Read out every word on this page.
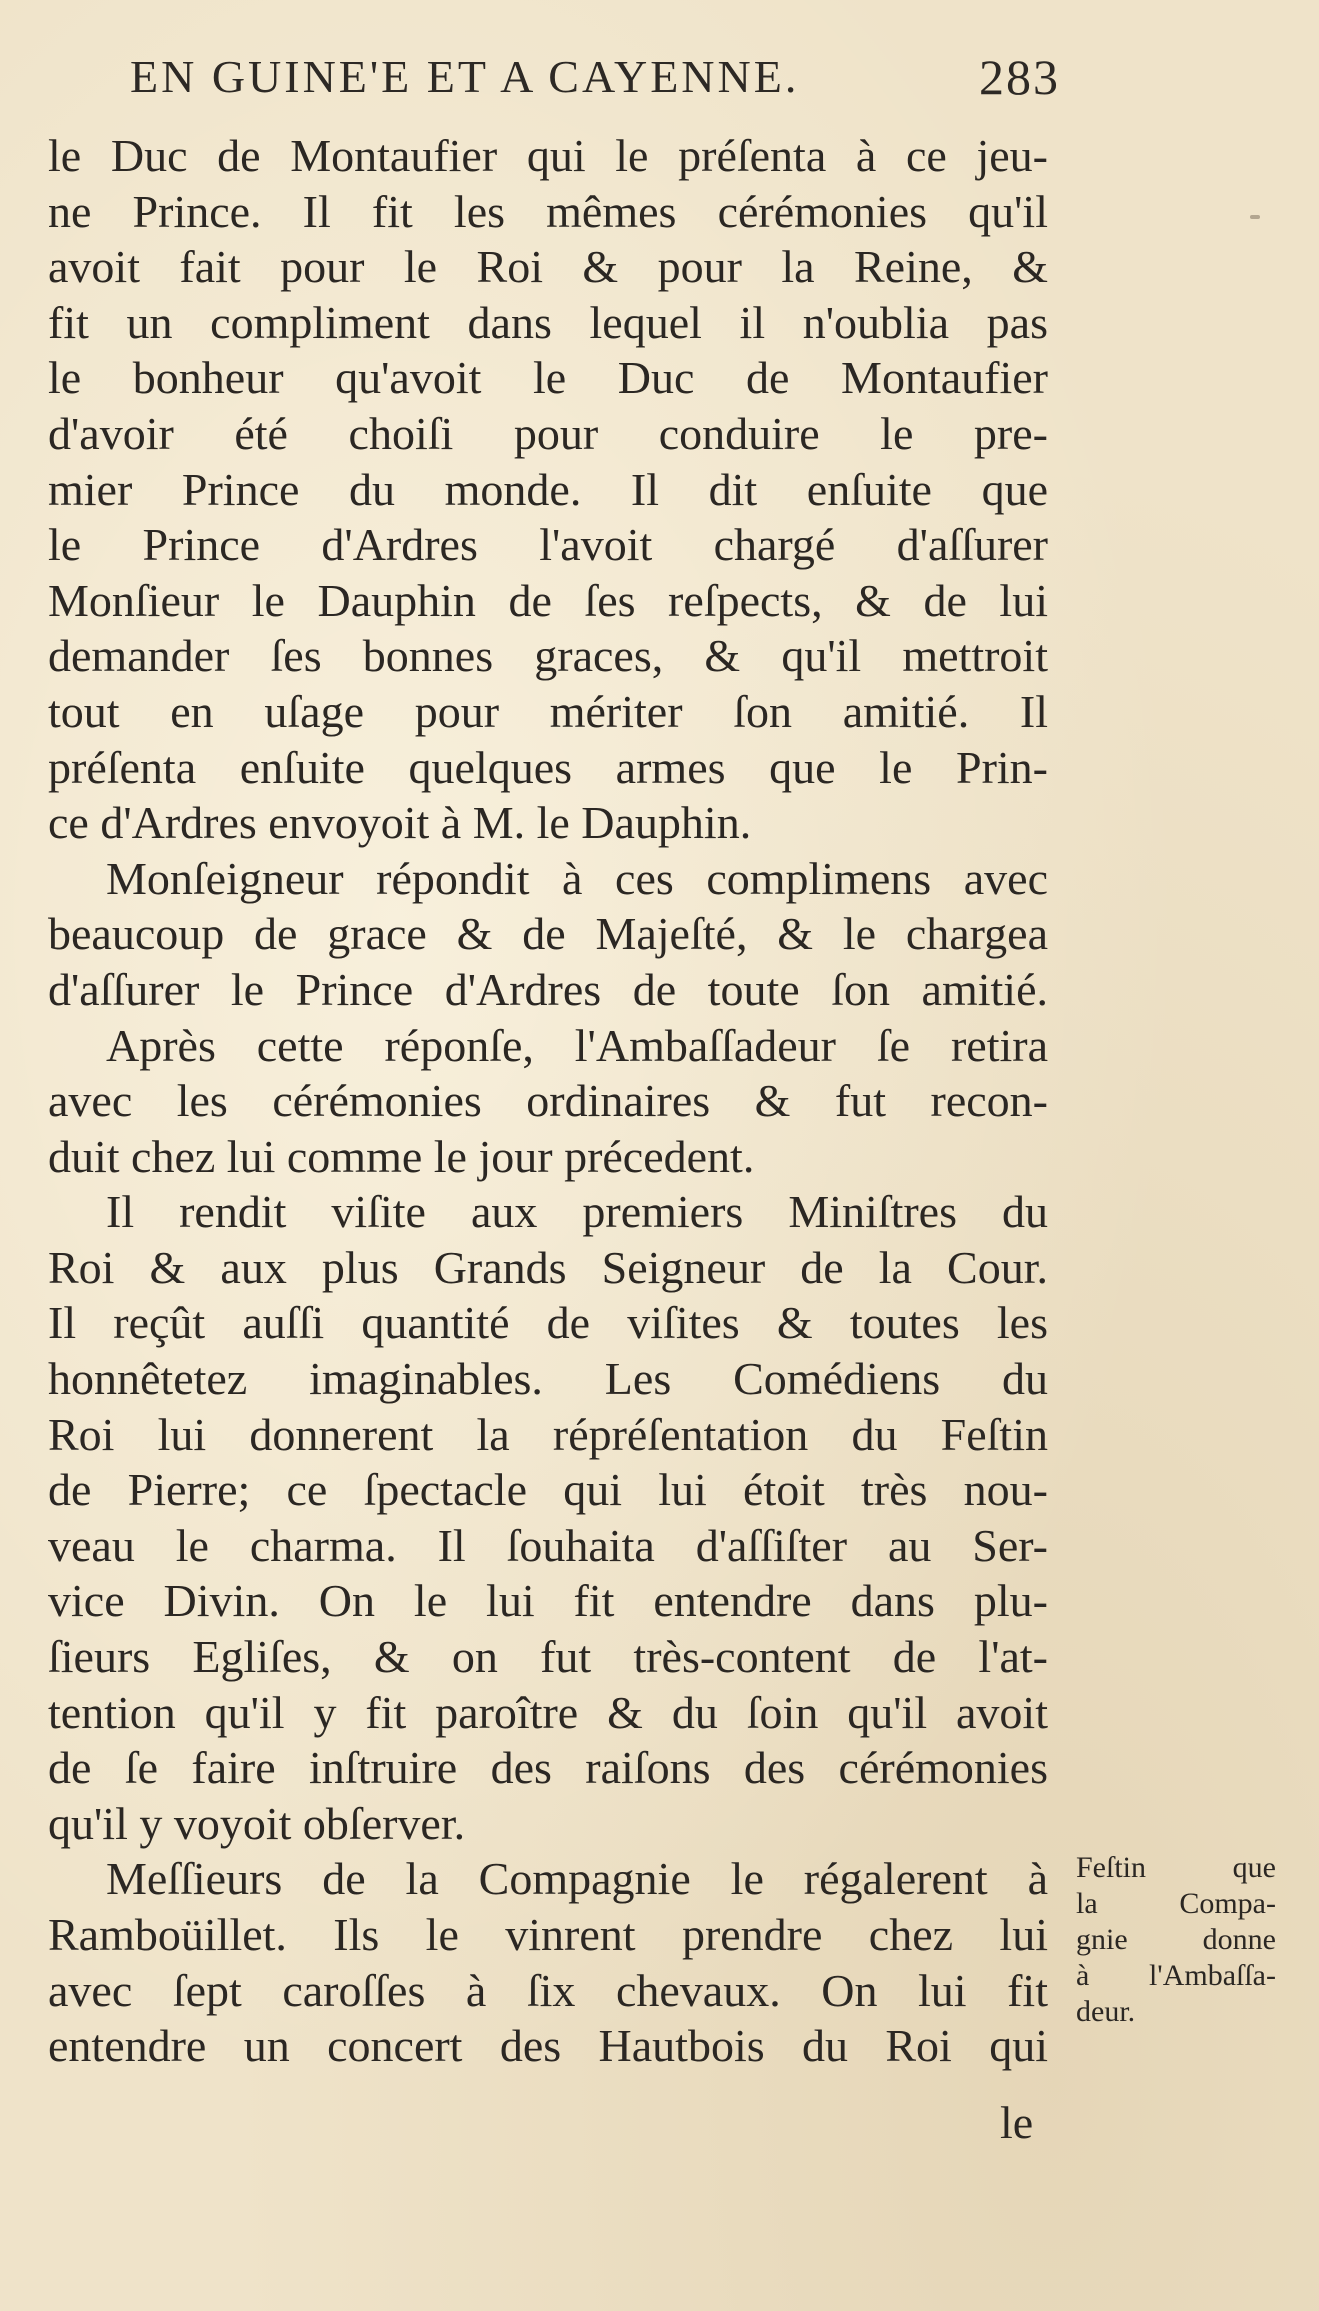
EN GUINE'E ET A CAYENNE.	283
le Duc de Montaufier qui le préſenta à ce jeu-
ne Prince. Il fit les mêmes cérémonies qu'il
avoit fait pour le Roi & pour la Reine, &
fit un compliment dans lequel il n'oublia pas
le bonheur qu'avoit le Duc de Montaufier
d'avoir été choiſi pour conduire le pre-
mier Prince du monde. Il dit enſuite que
le Prince d'Ardres l'avoit chargé d'aſſurer
Monſieur le Dauphin de ſes reſpects, & de lui
demander ſes bonnes graces, & qu'il mettroit
tout en uſage pour mériter ſon amitié. Il
préſenta enſuite quelques armes que le Prin-
ce d'Ardres envoyoit à M. le Dauphin.
Monſeigneur répondit à ces complimens avec
beaucoup de grace & de Majeſté, & le chargea
d'aſſurer le Prince d'Ardres de toute ſon amitié.
Après cette réponſe, l'Ambaſſadeur ſe retira
avec les cérémonies ordinaires & fut recon-
duit chez lui comme le jour précedent.
Il rendit viſite aux premiers Miniſtres du
Roi & aux plus Grands Seigneur de la Cour.
Il reçût auſſi quantité de viſites & toutes les
honnêtetez imaginables. Les Comédiens du
Roi lui donnerent la répréſentation du Feſtin
de Pierre; ce ſpectacle qui lui étoit très nou-
veau le charma. Il ſouhaita d'aſſiſter au Ser-
vice Divin. On le lui fit entendre dans plu-
ſieurs Egliſes, & on fut très-content de l'at-
tention qu'il y fit paroître & du ſoin qu'il avoit
de ſe faire inſtruire des raiſons des cérémonies
qu'il y voyoit obſerver.
Meſſieurs de la Compagnie le régalerent à
Ramboüillet. Ils le vinrent prendre chez lui
avec ſept caroſſes à ſix chevaux. On lui fit
entendre un concert des Hautbois du Roi qui
Feſtin que
la Compa-
gnie donne
à l'Ambaſſa-
deur.
le
